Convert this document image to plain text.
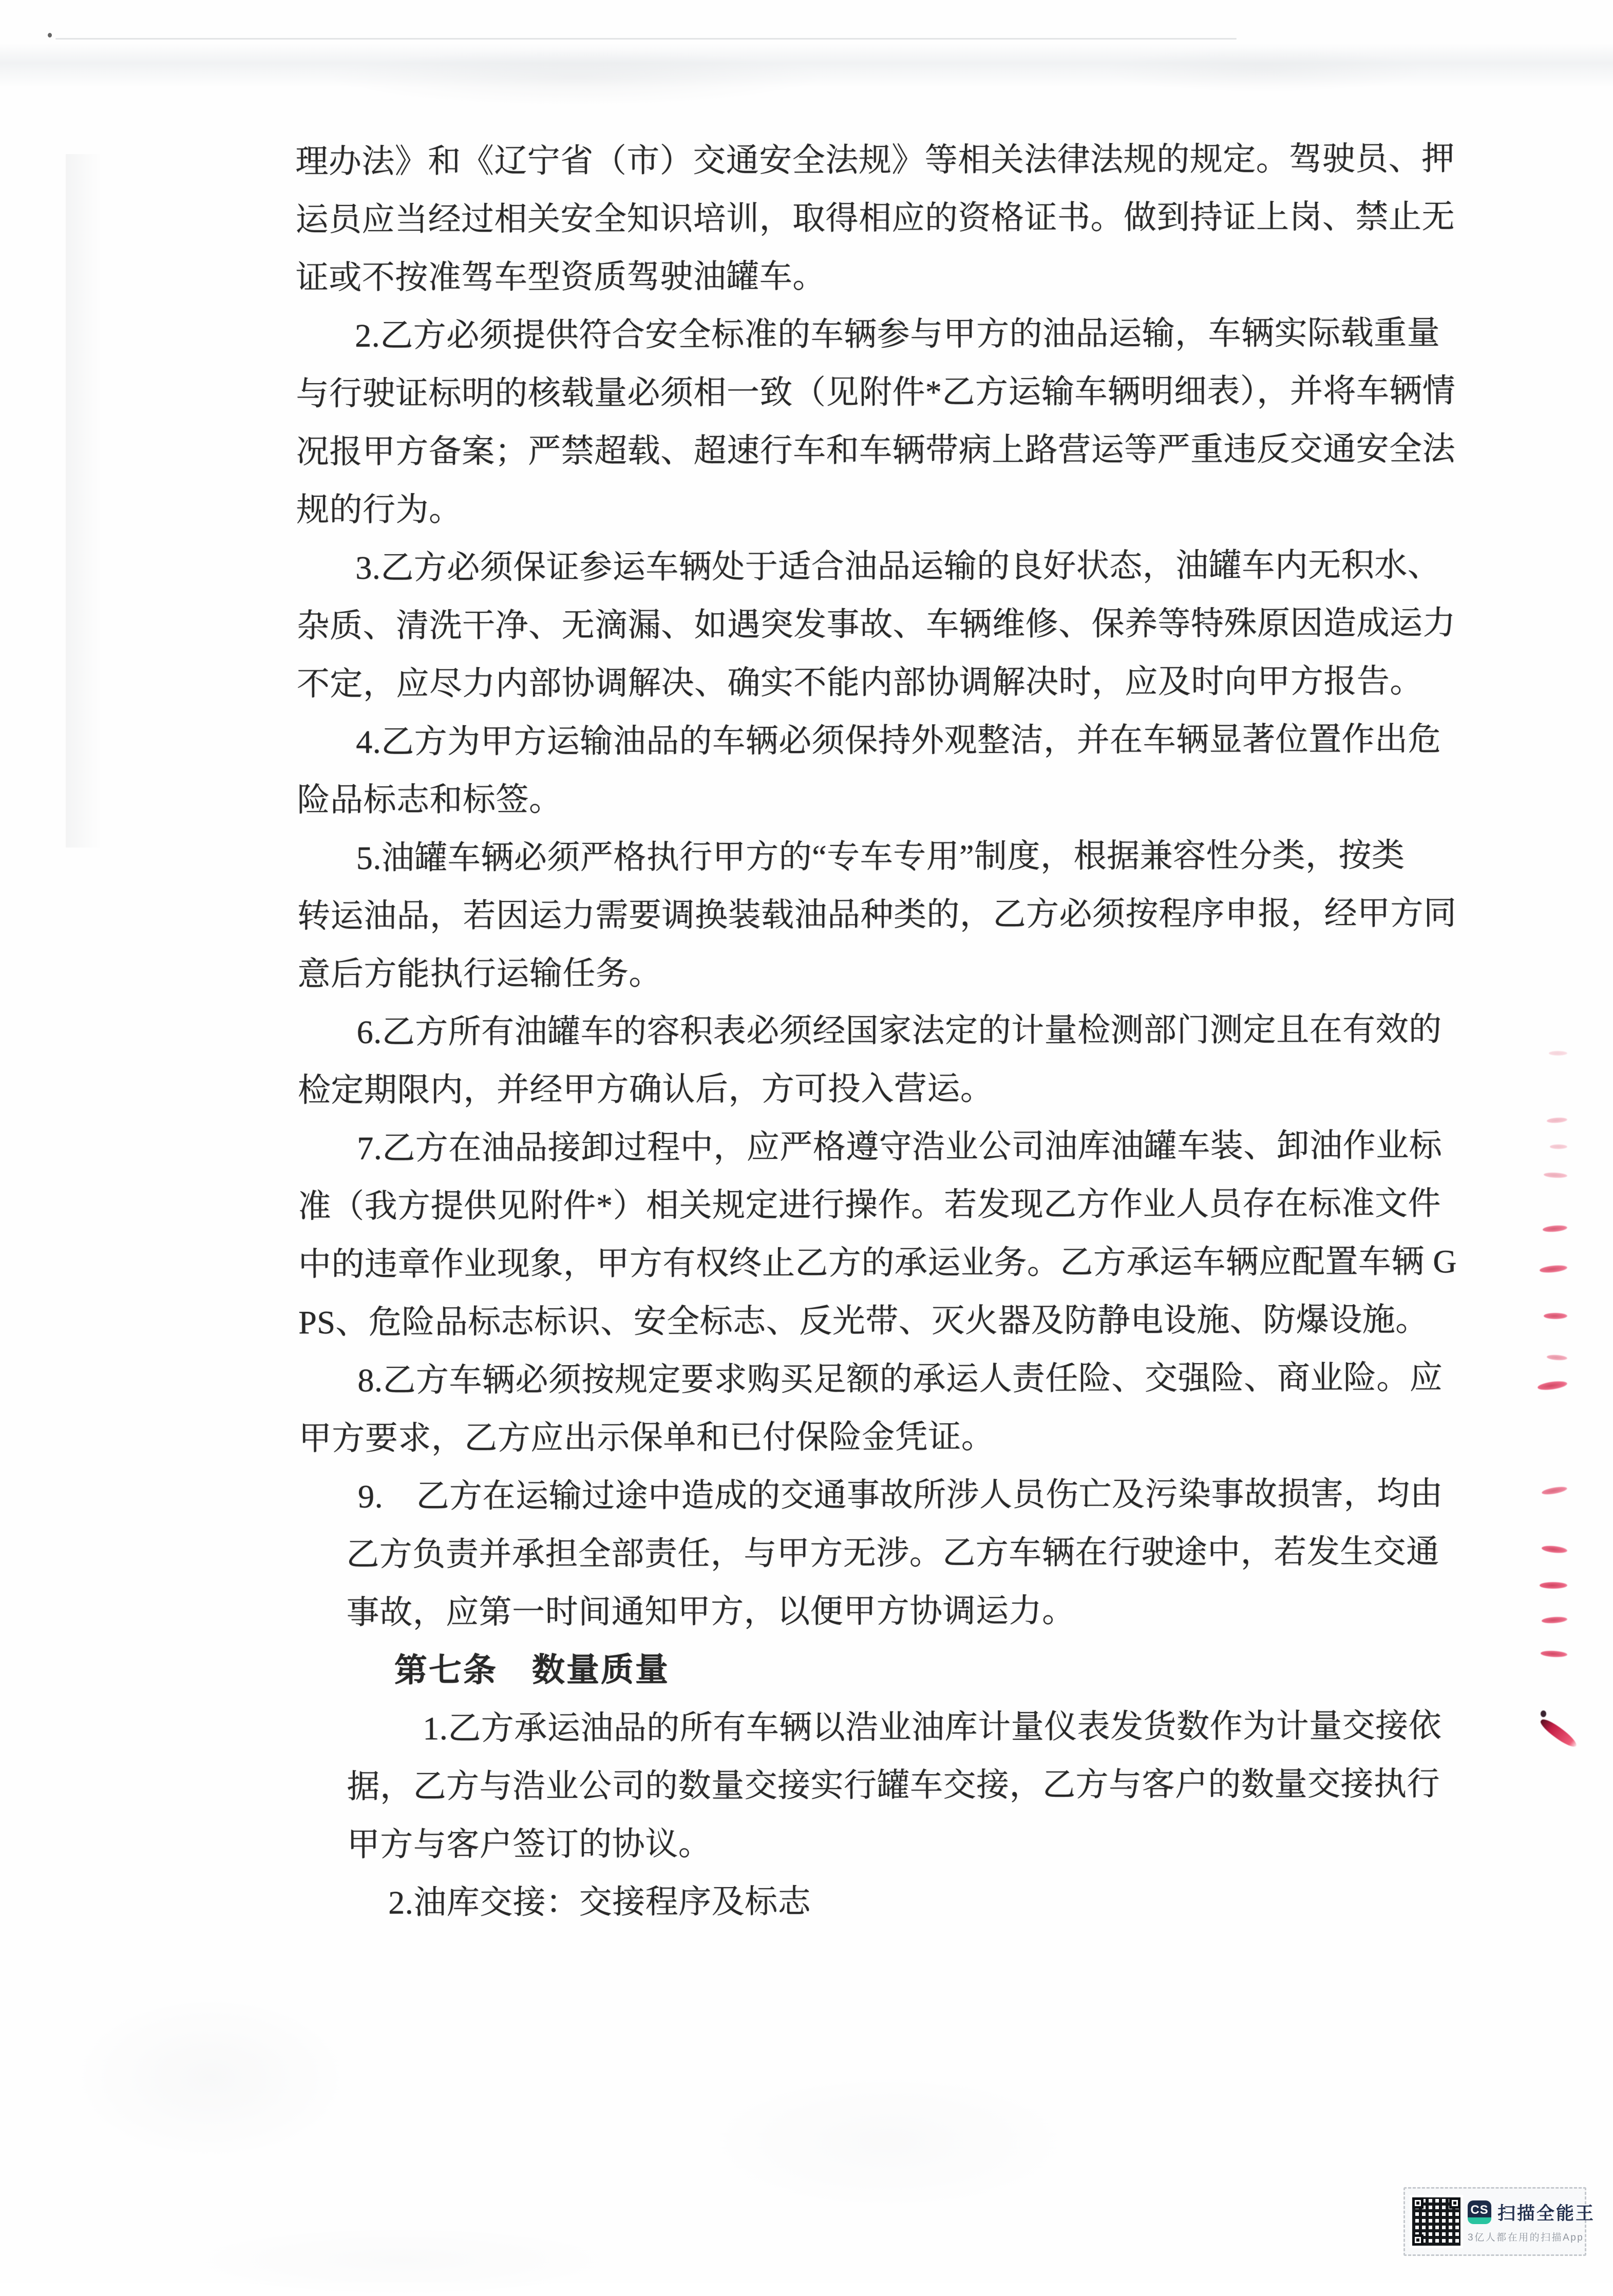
理办法》和《辽宁省（市）交通安全法规》等相关法律法规的规定。驾驶员、押
运员应当经过相关安全知识培训，取得相应的资格证书。做到持证上岗、禁止无
证或不按准驾车型资质驾驶油罐车。
2.乙方必须提供符合安全标准的车辆参与甲方的油品运输，车辆实际载重量
与行驶证标明的核载量必须相一致（见附件*乙方运输车辆明细表），并将车辆情
况报甲方备案；严禁超载、超速行车和车辆带病上路营运等严重违反交通安全法
规的行为。
3.乙方必须保证参运车辆处于适合油品运输的良好状态，油罐车内无积水、
杂质、清洗干净、无滴漏、如遇突发事故、车辆维修、保养等特殊原因造成运力
不定，应尽力内部协调解决、确实不能内部协调解决时，应及时向甲方报告。
4.乙方为甲方运输油品的车辆必须保持外观整洁，并在车辆显著位置作出危
险品标志和标签。
5.油罐车辆必须严格执行甲方的“专车专用”制度，根据兼容性分类，按类
转运油品，若因运力需要调换装载油品种类的，乙方必须按程序申报，经甲方同
意后方能执行运输任务。
6.乙方所有油罐车的容积表必须经国家法定的计量检测部门测定且在有效的
检定期限内，并经甲方确认后，方可投入营运。
7.乙方在油品接卸过程中，应严格遵守浩业公司油库油罐车装、卸油作业标
准（我方提供见附件*）相关规定进行操作。若发现乙方作业人员存在标准文件
中的违章作业现象，甲方有权终止乙方的承运业务。乙方承运车辆应配置车辆 G
PS、危险品标志标识、安全标志、反光带、灭火器及防静电设施、防爆设施。
8.乙方车辆必须按规定要求购买足额的承运人责任险、交强险、商业险。应
甲方要求，乙方应出示保单和已付保险金凭证。
9.　乙方在运输过途中造成的交通事故所涉人员伤亡及污染事故损害，均由
乙方负责并承担全部责任，与甲方无涉。乙方车辆在行驶途中，若发生交通
事故，应第一时间通知甲方，以便甲方协调运力。
第七条　数量质量
1.乙方承运油品的所有车辆以浩业油库计量仪表发货数作为计量交接依
据，乙方与浩业公司的数量交接实行罐车交接，乙方与客户的数量交接执行
甲方与客户签订的协议。
2.油库交接：交接程序及标志
CS 扫描全能王
3亿人都在用的扫描App
